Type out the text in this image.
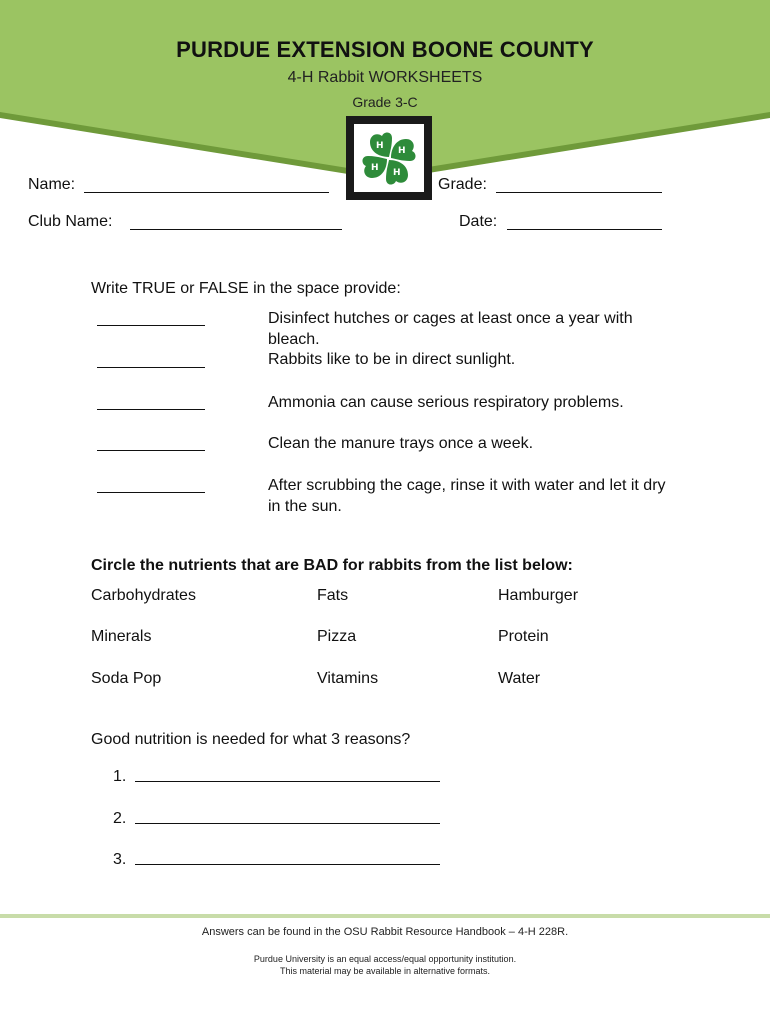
PURDUE EXTENSION BOONE COUNTY
4-H Rabbit WORKSHEETS
Grade 3-C
H H
H
H
Name:	Grade:
Club Name:	Date:
Write TRUE or FALSE in the space provide:
Disinfect hutches or cages at least once a year with
bleach.
Rabbits like to be in direct sunlight.
Ammonia can cause serious respiratory problems.
Clean the manure trays once a week.
After scrubbing the cage, rinse it with water and let it dry
in the sun.
Circle the nutrients that are BAD for rabbits from the list below:
Carbohydrates	Fats	Hamburger
Minerals	Pizza	Protein
Soda Pop	Vitamins	Water
Good nutrition is needed for what 3 reasons?
1.
2.
3.
Answers can be found in the OSU Rabbit Resource Handbook – 4-H 228R.
Purdue University is an equal access/equal opportunity institution.
This material may be available in alternative formats.
